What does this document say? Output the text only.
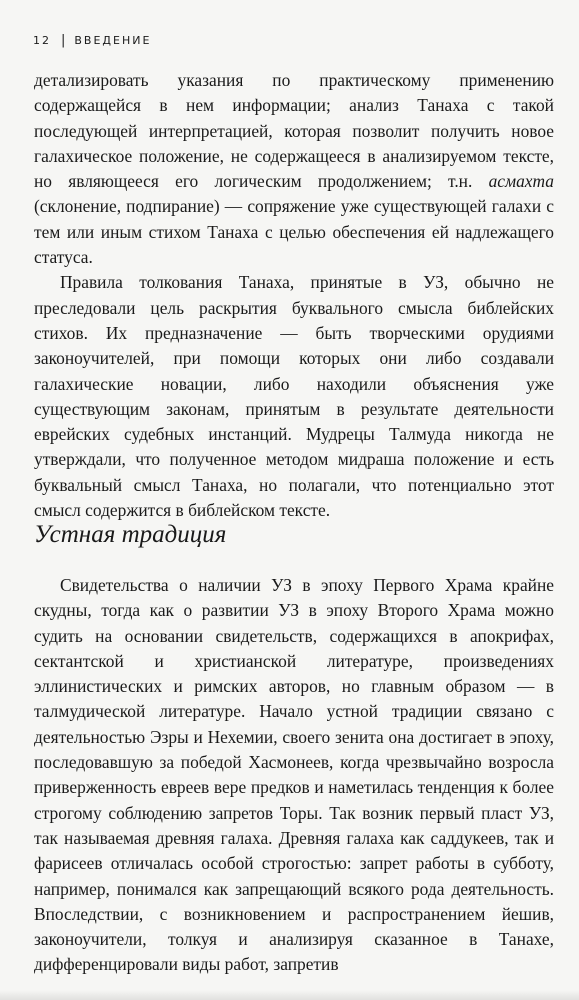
12 | ВВЕДЕНИЕ

детализировать указания по практическому применению содержащейся в нем информации; анализ Танаха с такой последующей интерпретацией, которая позволит получить новое галахическое положение, не содержащееся в анализируемом тексте, но являющееся его логическим продолжением; т.н. асмахта (склонение, подпирание) — сопряжение уже существующей галахи с тем или иным стихом Танаха с целью обеспечения ей надлежащего статуса.

Правила толкования Танаха, принятые в УЗ, обычно не преследовали цель раскрытия буквального смысла библейских стихов. Их предназначение — быть творческими орудиями законоучителей, при помощи которых они либо создавали галахические новации, либо находили объяснения уже существующим законам, принятым в результате деятельности еврейских судебных инстанций. Мудрецы Талмуда никогда не утверждали, что полученное методом мидраша положение и есть буквальный смысл Танаха, но полагали, что потенциально этот смысл содержится в библейском тексте.

Устная традиция

Свидетельства о наличии УЗ в эпоху Первого Храма крайне скудны, тогда как о развитии УЗ в эпоху Второго Храма можно судить на основании свидетельств, содержащихся в апокрифах, сектантской и христианской литературе, произведениях эллинистических и римских авторов, но главным образом — в талмудической литературе. Начало устной традиции связано с деятельностью Эзры и Нехемии, своего зенита она достигает в эпоху, последовавшую за победой Хасмонеев, когда чрезвычайно возросла приверженность евреев вере предков и наметилась тенденция к более строгому соблюдению запретов Торы. Так возник первый пласт УЗ, так называемая древняя галаха. Древняя галаха как саддукеев, так и фарисеев отличалась особой строгостью: запрет работы в субботу, например, понимался как запрещающий всякого рода деятельность. Впоследствии, с возникновением и распространением йешив, законоучители, толкуя и анализируя сказанное в Танахе, дифференцировали виды работ, запретив
